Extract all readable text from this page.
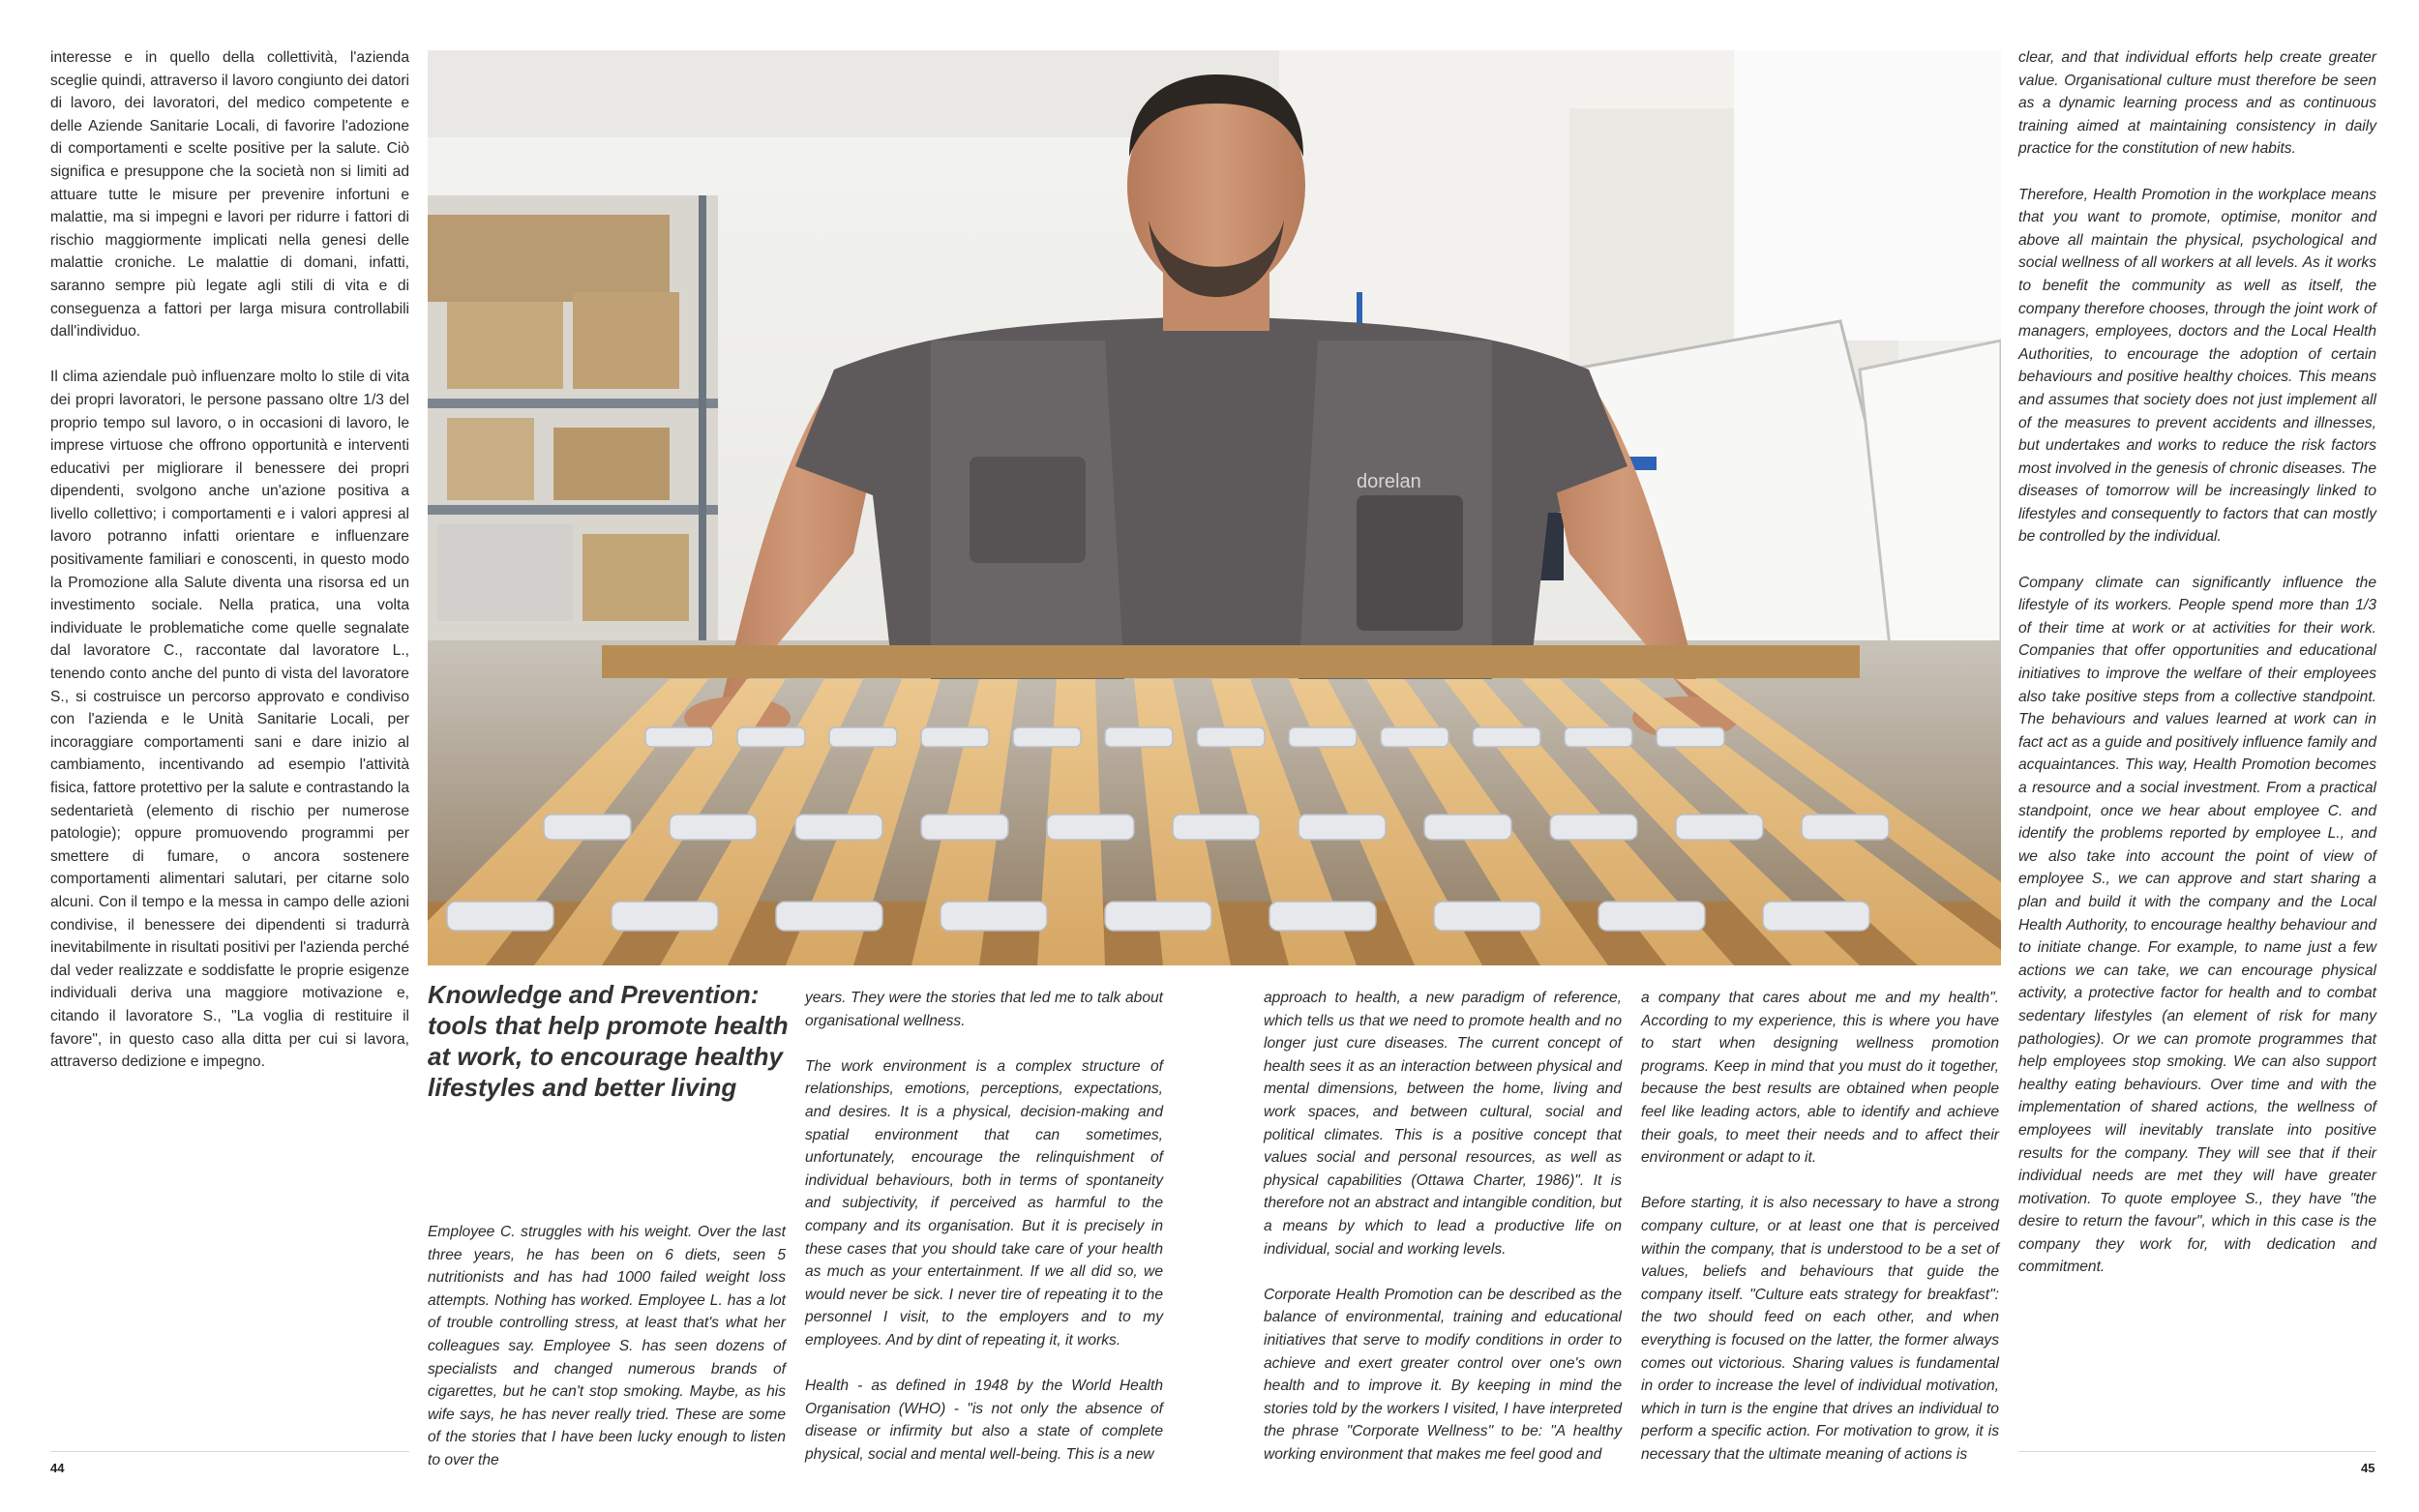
interesse e in quello della collettività, l'azienda sceglie quindi, attraverso il lavoro congiunto dei datori di lavoro, dei lavoratori, del medico competente e delle Aziende Sanitarie Locali, di favorire l'adozione di comportamenti e scelte positive per la salute. Ciò significa e presuppone che la società non si limiti ad attuare tutte le misure per prevenire infortuni e malattie, ma si impegni e lavori per ridurre i fattori di rischio maggiormente implicati nella genesi delle malattie croniche. Le malattie di domani, infatti, saranno sempre più legate agli stili di vita e di conseguenza a fattori per larga misura controllabili dall'individuo.

Il clima aziendale può influenzare molto lo stile di vita dei propri lavoratori, le persone passano oltre 1/3 del proprio tempo sul lavoro, o in occasioni di lavoro, le imprese virtuose che offrono opportunità e interventi educativi per migliorare il benessere dei propri dipendenti, svolgono anche un'azione positiva a livello collettivo; i comportamenti e i valori appresi al lavoro potranno infatti orientare e influenzare positivamente familiari e conoscenti, in questo modo la Promozione alla Salute diventa una risorsa ed un investimento sociale. Nella pratica, una volta individuate le problematiche come quelle segnalate dal lavoratore C., raccontate dal lavoratore L., tenendo conto anche del punto di vista del lavoratore S., si costruisce un percorso approvato e condiviso con l'azienda e le Unità Sanitarie Locali, per incoraggiare comportamenti sani e dare inizio al cambiamento, incentivando ad esempio l'attività fisica, fattore protettivo per la salute e contrastando la sedentarietà (elemento di rischio per numerose patologie); oppure promuovendo programmi per smettere di fumare, o ancora sostenere comportamenti alimentari salutari, per citarne solo alcuni. Con il tempo e la messa in campo delle azioni condivise, il benessere dei dipendenti si tradurrà inevitabilmente in risultati positivi per l'azienda perché dal veder realizzate e soddisfatte le proprie esigenze individuali deriva una maggiore motivazione e, citando il lavoratore S., "La voglia di restituire il favore", in questo caso alla ditta per cui si lavora, attraverso dedizione e impegno.

dorelan
Knowledge and Prevention: tools that help promote health at work, to encourage healthy lifestyles and better living

Employee C. struggles with his weight. Over the last three years, he has been on 6 diets, seen 5 nutritionists and has had 1000 failed weight loss attempts. Nothing has worked. Employee L. has a lot of trouble controlling stress, at least that's what her colleagues say. Employee S. has seen dozens of specialists and changed numerous brands of cigarettes, but he can't stop smoking. Maybe, as his wife says, he has never really tried. These are some of the stories that I have been lucky enough to listen to over the

years. They were the stories that led me to talk about organisational wellness.

The work environment is a complex structure of relationships, emotions, perceptions, expectations, and desires. It is a physical, decision-making and spatial environment that can sometimes, unfortunately, encourage the relinquishment of individual behaviours, both in terms of spontaneity and subjectivity, if perceived as harmful to the company and its organisation. But it is precisely in these cases that you should take care of your health as much as your entertainment. If we all did so, we would never be sick. I never tire of repeating it to the personnel I visit, to the employers and to my employees. And by dint of repeating it, it works.

Health - as defined in 1948 by the World Health Organisation (WHO) - "is not only the absence of disease or infirmity but also a state of complete physical, social and mental well-being. This is a new

44

approach to health, a new paradigm of reference, which tells us that we need to promote health and no longer just cure diseases. The current concept of health sees it as an interaction between physical and mental dimensions, between the home, living and work spaces, and between cultural, social and political climates. This is a positive concept that values social and personal resources, as well as physical capabilities (Ottawa Charter, 1986)". It is therefore not an abstract and intangible condition, but a means by which to lead a productive life on individual, social and working levels.

Corporate Health Promotion can be described as the balance of environmental, training and educational initiatives that serve to modify conditions in order to achieve and exert greater control over one's own health and to improve it. By keeping in mind the stories told by the workers I visited, I have interpreted the phrase "Corporate Wellness" to be: "A healthy working environment that makes me feel good and

a company that cares about me and my health". According to my experience, this is where you have to start when designing wellness promotion programs. Keep in mind that you must do it together, because the best results are obtained when people feel like leading actors, able to identify and achieve their goals, to meet their needs and to affect their environment or adapt to it.

Before starting, it is also necessary to have a strong company culture, or at least one that is perceived within the company, that is understood to be a set of values, beliefs and behaviours that guide the company itself. "Culture eats strategy for breakfast": the two should feed on each other, and when everything is focused on the latter, the former always comes out victorious. Sharing values is fundamental in order to increase the level of individual motivation, which in turn is the engine that drives an individual to perform a specific action. For motivation to grow, it is necessary that the ultimate meaning of actions is

clear, and that individual efforts help create greater value. Organisational culture must therefore be seen as a dynamic learning process and as continuous training aimed at maintaining consistency in daily practice for the constitution of new habits.

Therefore, Health Promotion in the workplace means that you want to promote, optimise, monitor and above all maintain the physical, psychological and social wellness of all workers at all levels. As it works to benefit the community as well as itself, the company therefore chooses, through the joint work of managers, employees, doctors and the Local Health Authorities, to encourage the adoption of certain behaviours and positive healthy choices. This means and assumes that society does not just implement all of the measures to prevent accidents and illnesses, but undertakes and works to reduce the risk factors most involved in the genesis of chronic diseases. The diseases of tomorrow will be increasingly linked to lifestyles and consequently to factors that can mostly be controlled by the individual.

Company climate can significantly influence the lifestyle of its workers. People spend more than 1/3 of their time at work or at activities for their work. Companies that offer opportunities and educational initiatives to improve the welfare of their employees also take positive steps from a collective standpoint. The behaviours and values learned at work can in fact act as a guide and positively influence family and acquaintances. This way, Health Promotion becomes a resource and a social investment. From a practical standpoint, once we hear about employee C. and identify the problems reported by employee L., and we also take into account the point of view of employee S., we can approve and start sharing a plan and build it with the company and the Local Health Authority, to encourage healthy behaviour and to initiate change. For example, to name just a few actions we can take, we can encourage physical activity, a protective factor for health and to combat sedentary lifestyles (an element of risk for many pathologies). Or we can promote programmes that help employees stop smoking. We can also support healthy eating behaviours. Over time and with the implementation of shared actions, the wellness of employees will inevitably translate into positive results for the company. They will see that if their individual needs are met they will have greater motivation. To quote employee S., they have "the desire to return the favour", which in this case is the company they work for, with dedication and commitment.

45
